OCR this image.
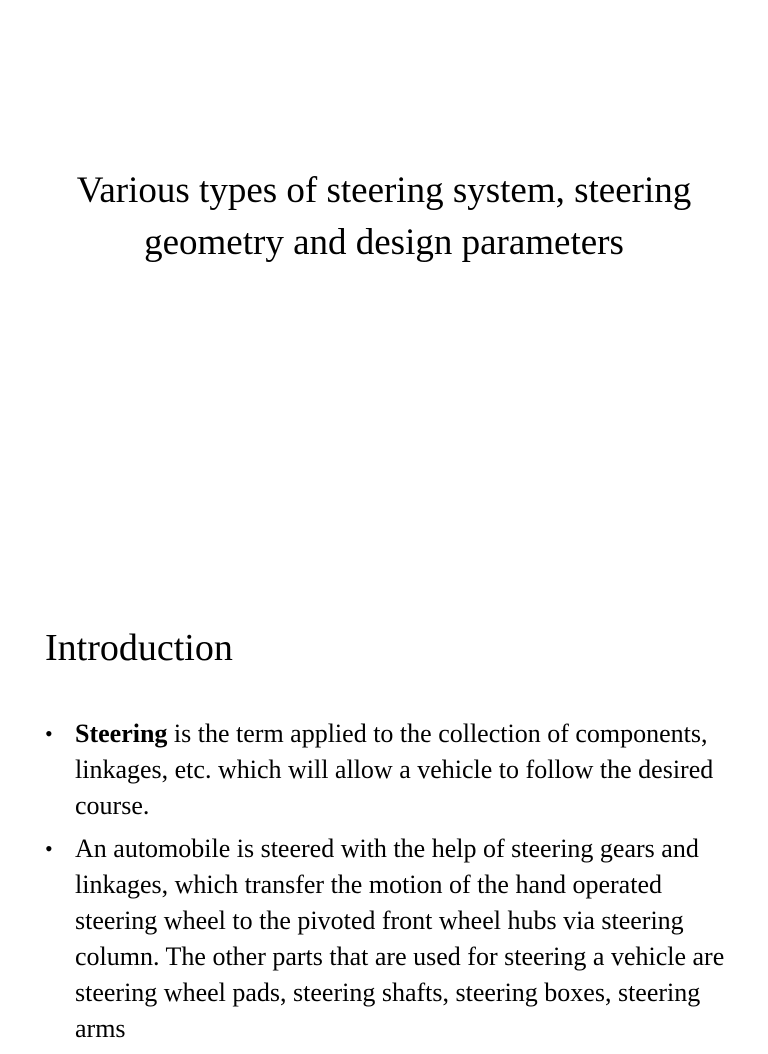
Various types of steering system, steering geometry and design parameters
Introduction
• Steering is the term applied to the collection of components, linkages, etc. which will allow a vehicle to follow the desired course.
• An automobile is steered with the help of steering gears and linkages, which transfer the motion of the hand operated steering wheel to the pivoted front wheel hubs via steering column. The other parts that are used for steering a vehicle are steering wheel pads, steering shafts, steering boxes, steering arms
